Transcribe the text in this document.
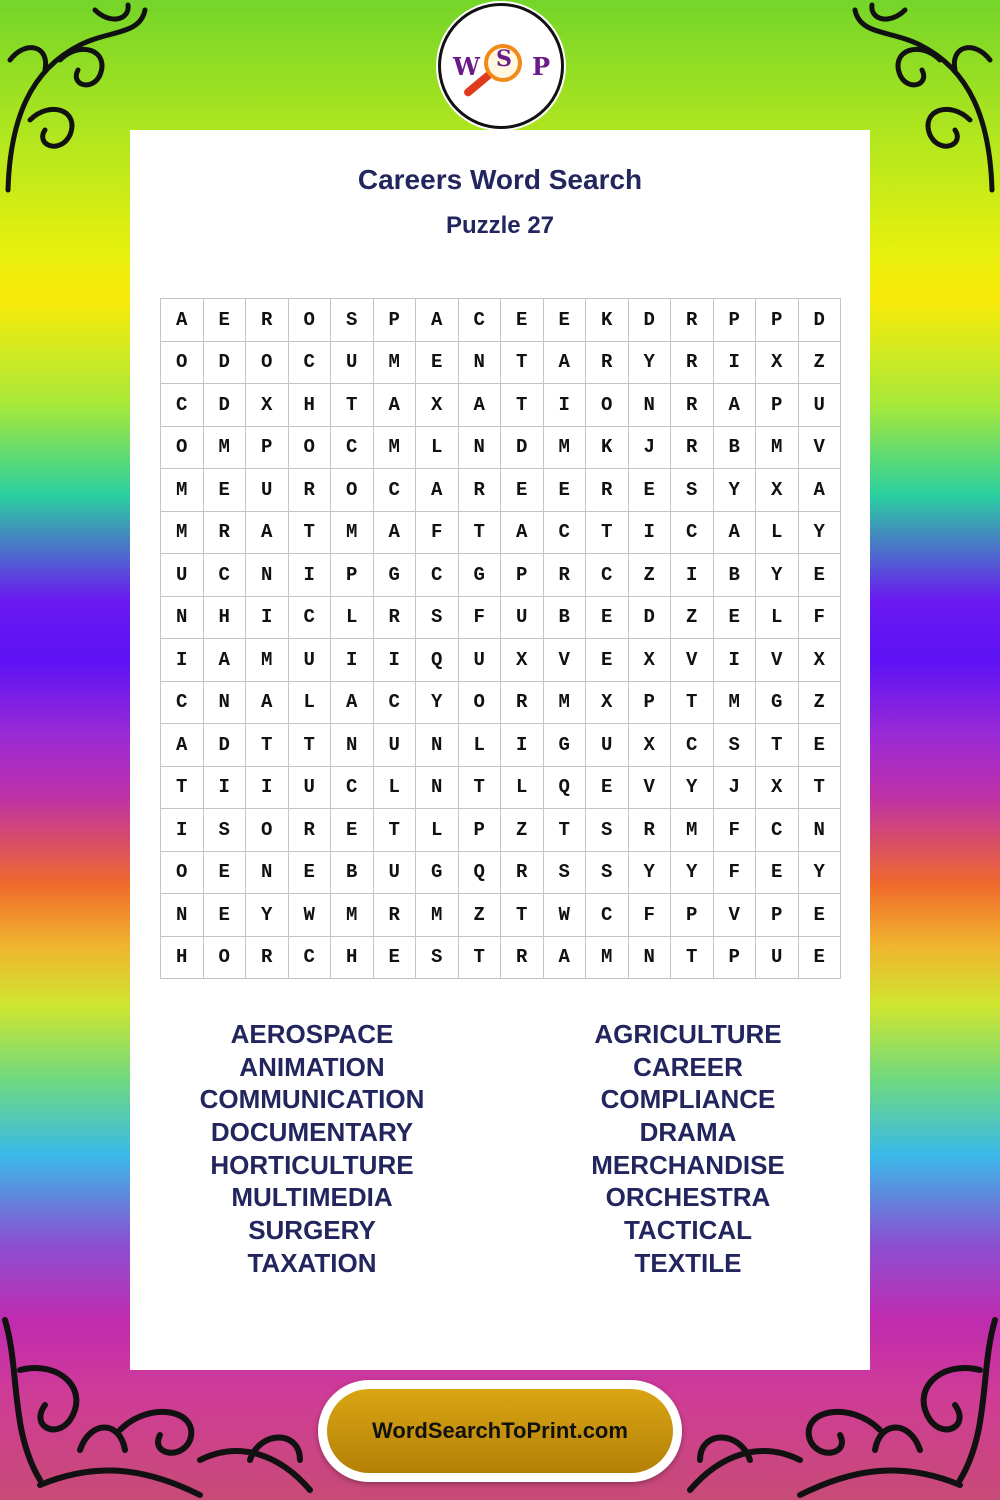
W S P
Careers Word Search
Puzzle 27
A	E	R	O	S	P	A	C	E	E	K	D	R	P	P	D
O	D	O	C	U	M	E	N	T	A	R	Y	R	I	X	Z
C	D	X	H	T	A	X	A	T	I	O	N	R	A	P	U
O	M	P	O	C	M	L	N	D	M	K	J	R	B	M	V
M	E	U	R	O	C	A	R	E	E	R	E	S	Y	X	A
M	R	A	T	M	A	F	T	A	C	T	I	C	A	L	Y
U	C	N	I	P	G	C	G	P	R	C	Z	I	B	Y	E
N	H	I	C	L	R	S	F	U	B	E	D	Z	E	L	F
I	A	M	U	I	I	Q	U	X	V	E	X	V	I	V	X
C	N	A	L	A	C	Y	O	R	M	X	P	T	M	G	Z
A	D	T	T	N	U	N	L	I	G	U	X	C	S	T	E
T	I	I	U	C	L	N	T	L	Q	E	V	Y	J	X	T
I	S	O	R	E	T	L	P	Z	T	S	R	M	F	C	N
O	E	N	E	B	U	G	Q	R	S	S	Y	Y	F	E	Y
N	E	Y	W	M	R	M	Z	T	W	C	F	P	V	P	E
H	O	R	C	H	E	S	T	R	A	M	N	T	P	U	E
AEROSPACE
ANIMATION
COMMUNICATION
DOCUMENTARY
HORTICULTURE
MULTIMEDIA
SURGERY
TAXATION
AGRICULTURE
CAREER
COMPLIANCE
DRAMA
MERCHANDISE
ORCHESTRA
TACTICAL
TEXTILE
WordSearchToPrint.com
